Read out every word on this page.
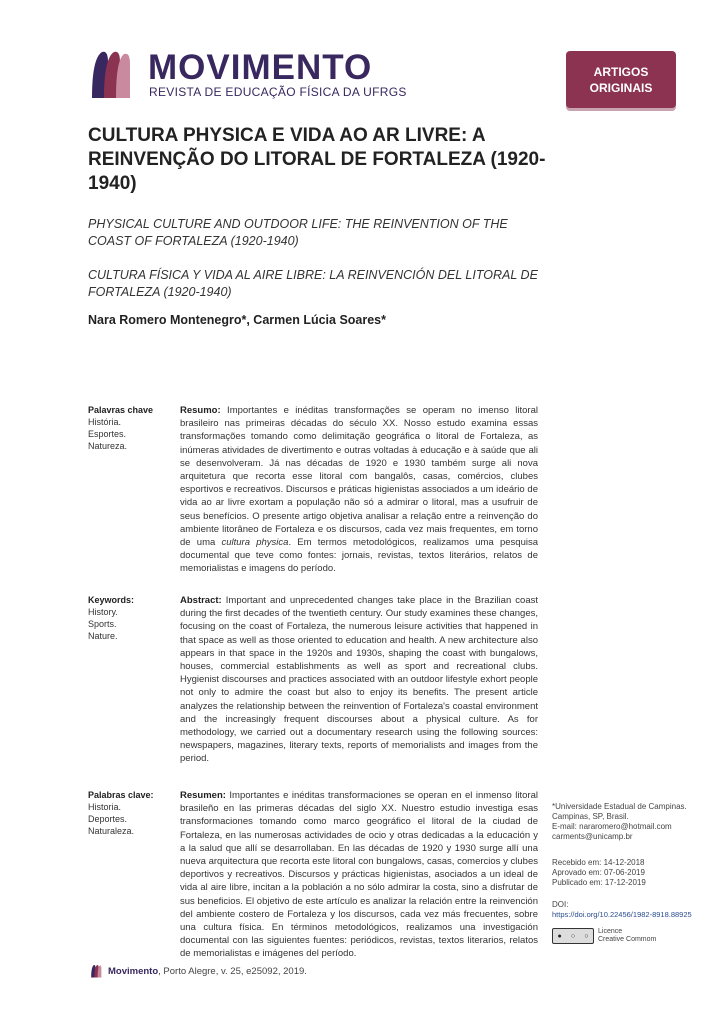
MOVIMENTO
REVISTA DE EDUCAÇÃO FÍSICA DA UFRGS
ARTIGOS
ORIGINAIS
CULTURA PHYSICA E VIDA AO AR LIVRE: A REINVENÇÃO DO LITORAL DE FORTALEZA (1920-1940)
PHYSICAL CULTURE AND OUTDOOR LIFE: THE REINVENTION OF THE COAST OF FORTALEZA (1920-1940)
CULTURA FÍSICA Y VIDA AL AIRE LIBRE: LA REINVENCIÓN DEL LITORAL DE FORTALEZA (1920-1940)
Nara Romero Montenegro*, Carmen Lúcia Soares*
Palavras chave
História.
Esportes.
Natureza.
Resumo: Importantes e inéditas transformações se operam no imenso litoral brasileiro nas primeiras décadas do século XX. Nosso estudo examina essas transformações tomando como delimitação geográfica o litoral de Fortaleza, as inúmeras atividades de divertimento e outras voltadas à educação e à saúde que ali se desenvolveram. Já nas décadas de 1920 e 1930 também surge ali nova arquitetura que recorta esse litoral com bangalôs, casas, comércios, clubes esportivos e recreativos. Discursos e práticas higienistas associados a um ideário de vida ao ar livre exortam a população não só a admirar o litoral, mas a usufruir de seus benefícios. O presente artigo objetiva analisar a relação entre a reinvenção do ambiente litorâneo de Fortaleza e os discursos, cada vez mais frequentes, em torno de uma cultura physica. Em termos metodológicos, realizamos uma pesquisa documental que teve como fontes: jornais, revistas, textos literários, relatos de memorialistas e imagens do período.
Keywords:
History.
Sports.
Nature.
Abstract: Important and unprecedented changes take place in the Brazilian coast during the first decades of the twentieth century. Our study examines these changes, focusing on the coast of Fortaleza, the numerous leisure activities that happened in that space as well as those oriented to education and health. A new architecture also appears in that space in the 1920s and 1930s, shaping the coast with bungalows, houses, commercial establishments as well as sport and recreational clubs. Hygienist discourses and practices associated with an outdoor lifestyle exhort people not only to admire the coast but also to enjoy its benefits. The present article analyzes the relationship between the reinvention of Fortaleza's coastal environment and the increasingly frequent discourses about a physical culture. As for methodology, we carried out a documentary research using the following sources: newspapers, magazines, literary texts, reports of memorialists and images from the period.
Palabras clave:
Historia.
Deportes.
Naturaleza.
Resumen: Importantes e inéditas transformaciones se operan en el inmenso litoral brasileño en las primeras décadas del siglo XX. Nuestro estudio investiga esas transformaciones tomando como marco geográfico el litoral de la ciudad de Fortaleza, en las numerosas actividades de ocio y otras dedicadas a la educación y a la salud que allí se desarrollaban. En las décadas de 1920 y 1930 surge allí una nueva arquitectura que recorta este litoral con bungalows, casas, comercios y clubes deportivos y recreativos. Discursos y prácticas higienistas, asociados a un ideal de vida al aire libre, incitan a la población a no sólo admirar la costa, sino a disfrutar de sus beneficios. El objetivo de este artículo es analizar la relación entre la reinvención del ambiente costero de Fortaleza y los discursos, cada vez más frecuentes, sobre una cultura física. En términos metodológicos, realizamos una investigación documental con las siguientes fuentes: periódicos, revistas, textos literarios, relatos de memorialistas e imágenes del período.

*Universidade Estadual de Campinas. Campinas, SP, Brasil.

E-mail: nararomero@hotmail.com

carments@unicamp.br

Recebido em: 14-12-2018

Aprovado em: 07-06-2019

Publicado em: 17-12-2019

DOI:

https://doi.org/10.22456/1982-8918.88925

● ○ ○
Licence
Creative Commom
Movimento, Porto Alegre, v. 25, e25092, 2019.
